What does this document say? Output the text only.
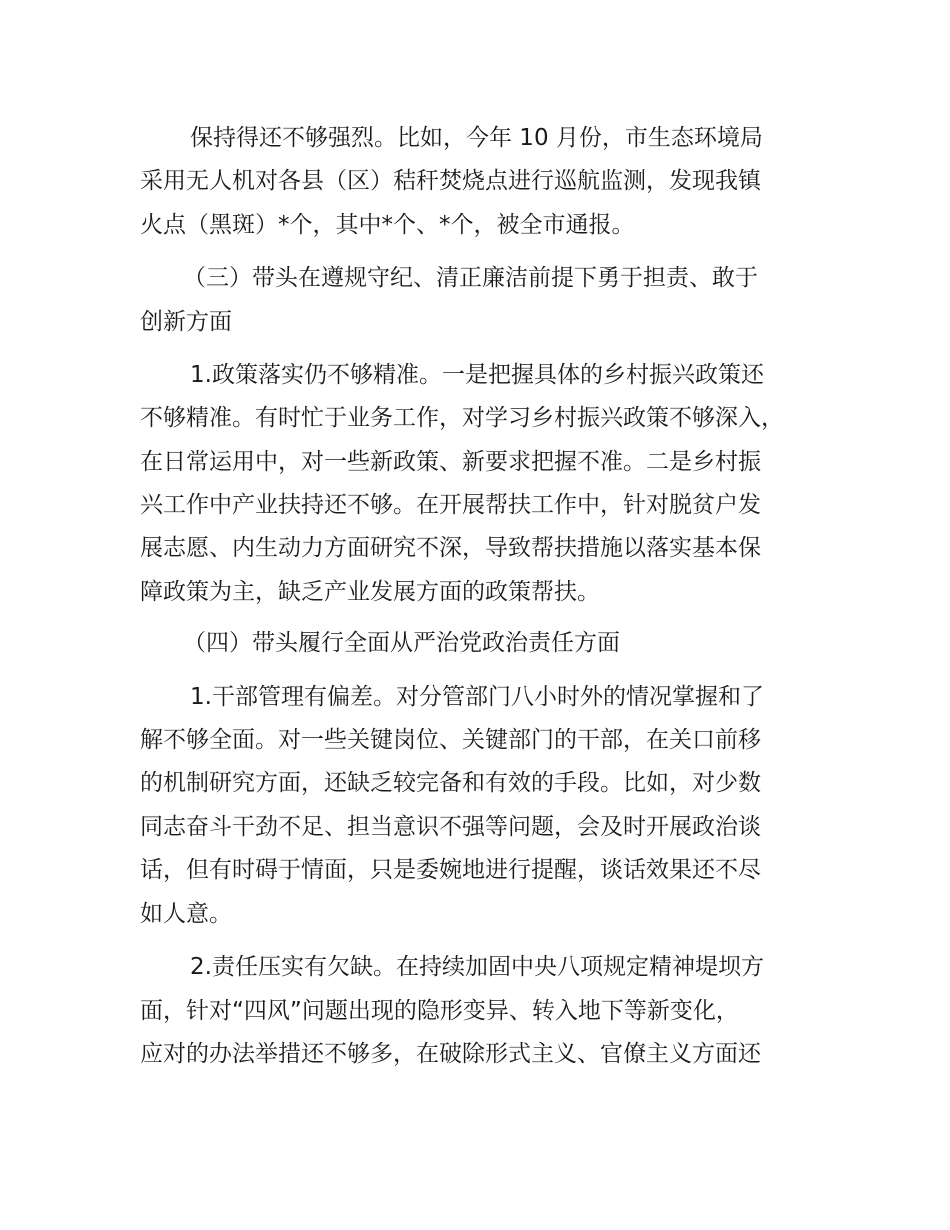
保持得还不够强烈。比如，今年 10 月份，市生态环境局
采用无人机对各县（区）秸秆焚烧点进行巡航监测，发现我镇
火点（黑斑）*个，其中*个、*个，被全市通报。
（三）带头在遵规守纪、清正廉洁前提下勇于担责、敢于
创新方面
1.政策落实仍不够精准。一是把握具体的乡村振兴政策还
不够精准。有时忙于业务工作，对学习乡村振兴政策不够深入，
在日常运用中，对一些新政策、新要求把握不准。二是乡村振
兴工作中产业扶持还不够。在开展帮扶工作中，针对脱贫户发
展志愿、内生动力方面研究不深，导致帮扶措施以落实基本保
障政策为主，缺乏产业发展方面的政策帮扶。
（四）带头履行全面从严治党政治责任方面
1.干部管理有偏差。对分管部门八小时外的情况掌握和了
解不够全面。对一些关键岗位、关键部门的干部，在关口前移
的机制研究方面，还缺乏较完备和有效的手段。比如，对少数
同志奋斗干劲不足、担当意识不强等问题，会及时开展政治谈
话，但有时碍于情面，只是委婉地进行提醒，谈话效果还不尽
如人意。
2.责任压实有欠缺。在持续加固中央八项规定精神堤坝方
面，针对“四风”问题出现的隐形变异、转入地下等新变化，
应对的办法举措还不够多，在破除形式主义、官僚主义方面还
